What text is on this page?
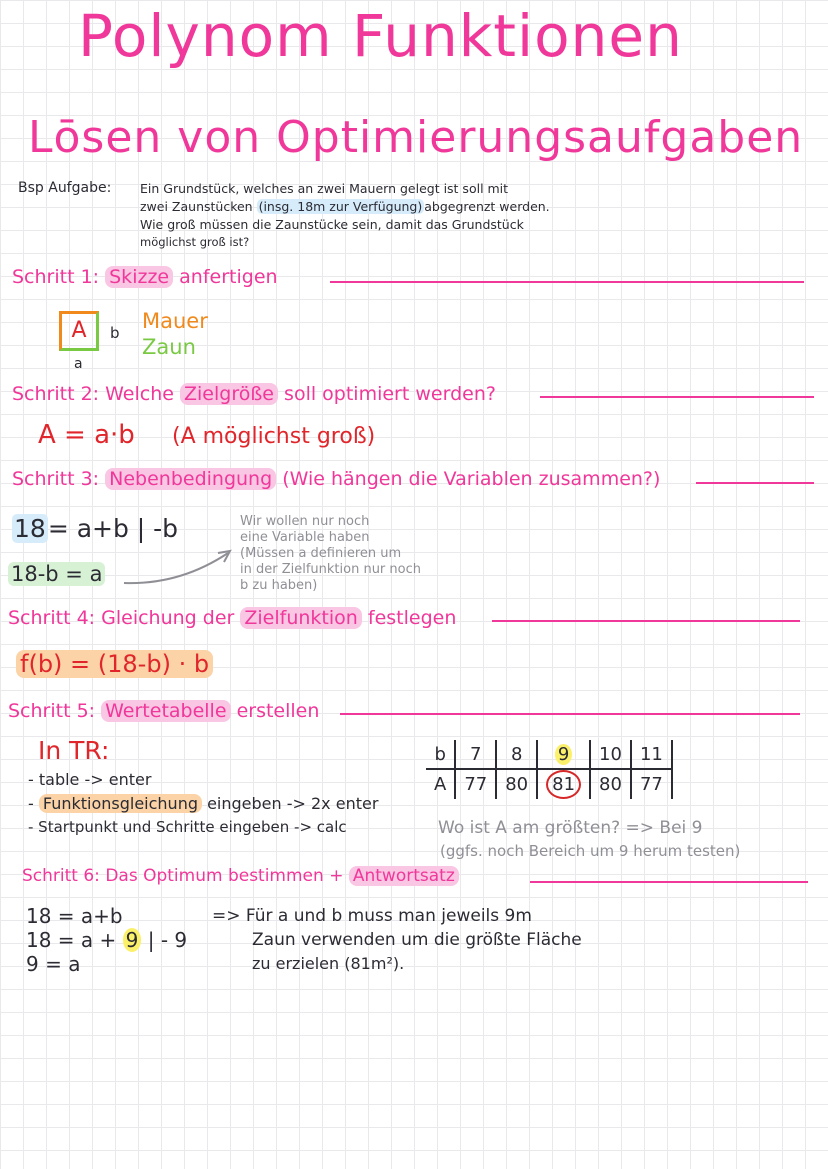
Polynom Funktionen
Lōsen von Optimierungsaufgaben
Bsp Aufgabe: Ein Grundstück, welches an zwei Mauern gelegt ist soll mit
zwei Zaunstücken (insg. 18m zur Verfügung) abgegrenzt werden.
Wie groß müssen die Zaunstücke sein, damit das Grundstück
möglichst groß ist?
Schritt 1: Skizze anfertigen
A	b
a
Mauer
Zaun
Schritt 2: Welche Zielgröße soll optimiert werden?
A = a·b (A möglichst groß)
Schritt 3: Nebenbedingung (Wie hängen die Variablen zusammen?)
18= a+b | -b
18-b = a
Wir wollen nur noch
eine Variable haben
(Müssen a definieren um
in der Zielfunktion nur noch
b zu haben)
Schritt 4: Gleichung der Zielfunktion festlegen
f(b) = (18-b) · b
Schritt 5: Wertetabelle erstellen
In TR:
- table -> enter
- Funktionsgleichung eingeben -> 2x enter
- Startpunkt und Schritte eingeben -> calc
b	7	8	9	10	11
A	77	80	81	80	77
Wo ist A am größten? => Bei 9
(ggfs. noch Bereich um 9 herum testen)
Schritt 6: Das Optimum bestimmen + Antwortsatz
18 = a+b
18 = a + 9 | - 9
9 = a
=> Für a und b muss man jeweils 9m
Zaun verwenden um die größte Fläche
zu erzielen (81m²).
